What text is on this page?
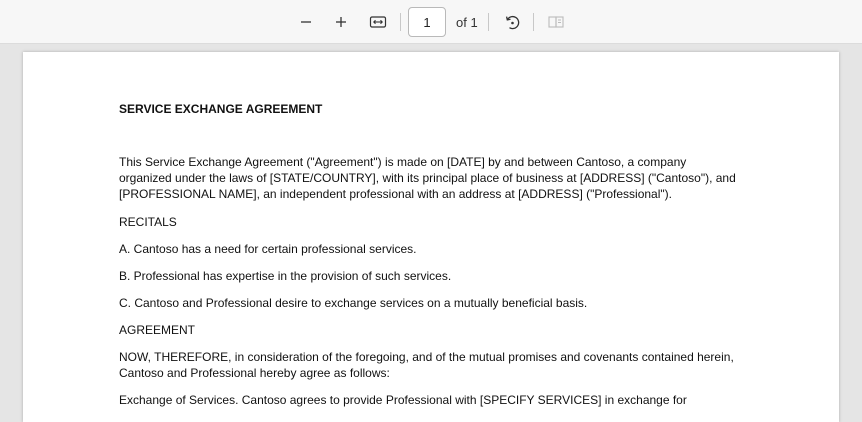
1
of 1

SERVICE EXCHANGE AGREEMENT

This Service Exchange Agreement ("Agreement") is made on [DATE] by and between Cantoso, a company
organized under the laws of [STATE/COUNTRY], with its principal place of business at [ADDRESS] ("Cantoso"), and
[PROFESSIONAL NAME], an independent professional with an address at [ADDRESS] ("Professional").

RECITALS

A. Cantoso has a need for certain professional services.

B. Professional has expertise in the provision of such services.

C. Cantoso and Professional desire to exchange services on a mutually beneficial basis.

AGREEMENT

NOW, THEREFORE, in consideration of the foregoing, and of the mutual promises and covenants contained herein,
Cantoso and Professional hereby agree as follows:

Exchange of Services. Cantoso agrees to provide Professional with [SPECIFY SERVICES] in exchange for
